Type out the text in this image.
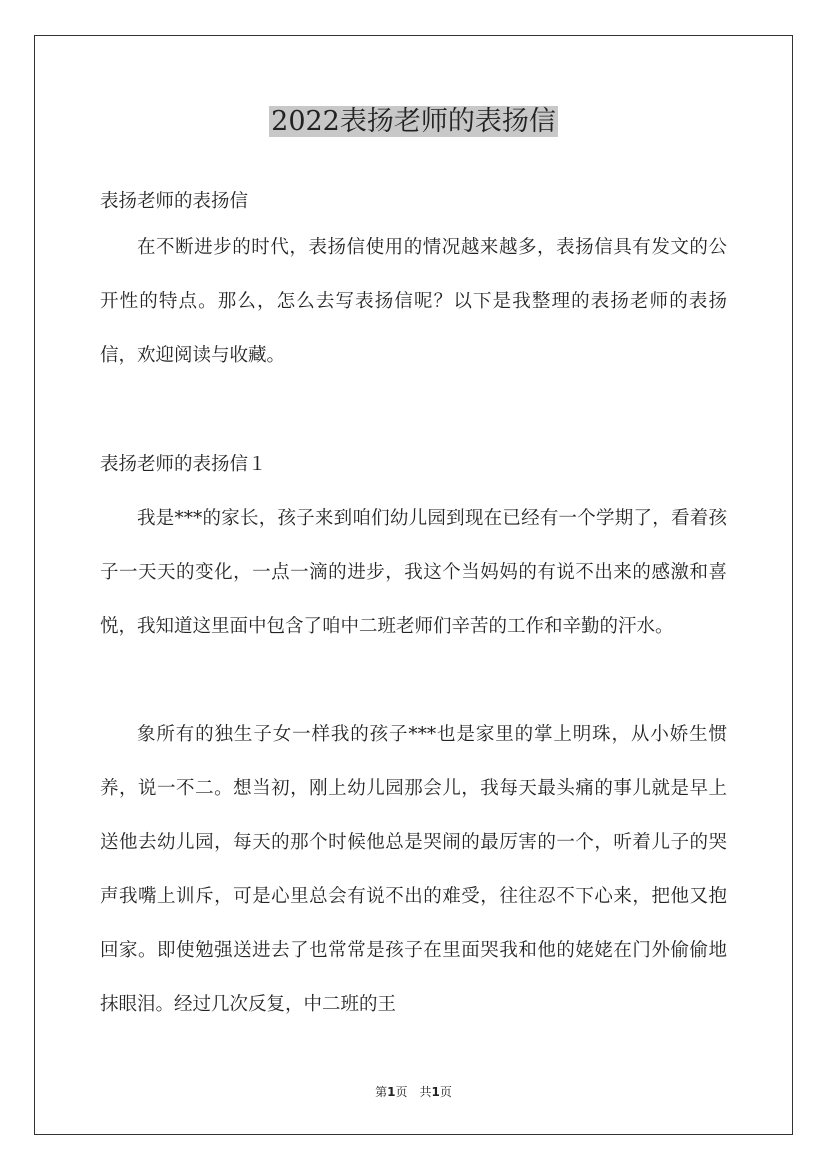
2022表扬老师的表扬信

表扬老师的表扬信

在不断进步的时代，表扬信使用的情况越来越多，表扬信具有发文的公开性的特点。那么，怎么去写表扬信呢？以下是我整理的表扬老师的表扬信，欢迎阅读与收藏。

表扬老师的表扬信１

我是***的家长，孩子来到咱们幼儿园到现在已经有一个学期了，看着孩子一天天的变化，一点一滴的进步，我这个当妈妈的有说不出来的感激和喜悦，我知道这里面中包含了咱中二班老师们辛苦的工作和辛勤的汗水。

象所有的独生子女一样我的孩子***也是家里的掌上明珠，从小娇生惯养，说一不二。想当初，刚上幼儿园那会儿，我每天最头痛的事儿就是早上送他去幼儿园，每天的那个时候他总是哭闹的最厉害的一个，听着儿子的哭声我嘴上训斥，可是心里总会有说不出的难受，往往忍不下心来，把他又抱回家。即使勉强送进去了也常常是孩子在里面哭我和他的姥姥在门外偷偷地抹眼泪。经过几次反复，中二班的王

第1页 共1页
